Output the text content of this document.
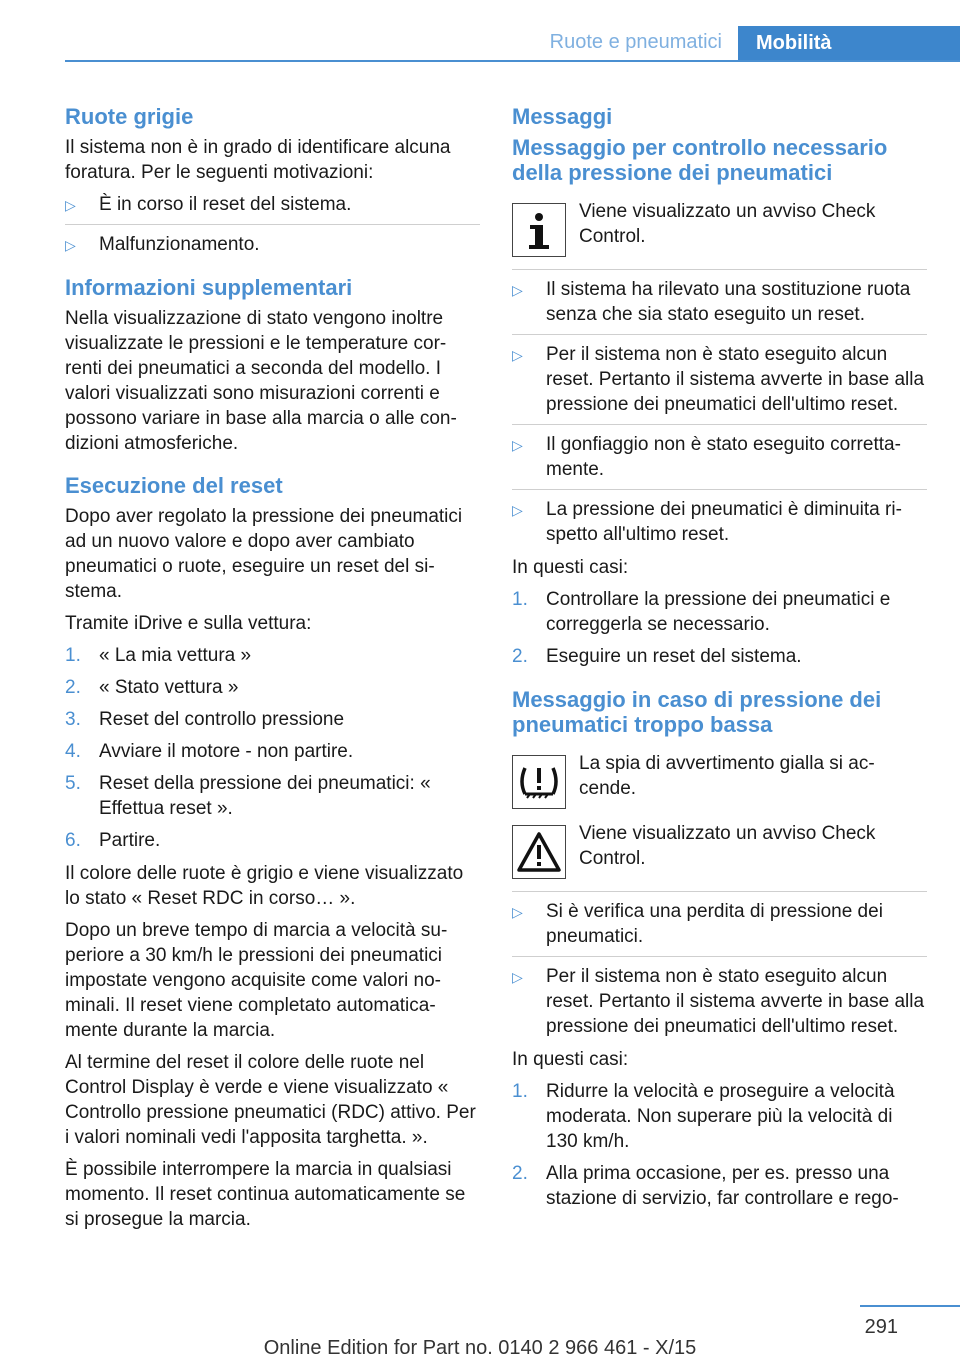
Ruote e pneumatici	Mobilità
Ruote grigie

Il sistema non è in grado di identificare alcuna foratura. Per le seguenti motivazioni:

▷ È in corso il reset del sistema.
▷ Malfunzionamento.
Informazioni supplementari

Nella visualizzazione di stato vengono inoltre visualizzate le pressioni e le temperature cor-renti dei pneumatici a seconda del modello. I valori visualizzati sono misurazioni correnti e possono variare in base alla marcia o alle con-dizioni atmosferiche.

Esecuzione del reset

Dopo aver regolato la pressione dei pneumatici ad un nuovo valore e dopo aver cambiato pneumatici o ruote, eseguire un reset del si-stema.

Tramite iDrive e sulla vettura:

1. « La mia vettura »
2. « Stato vettura »
3. Reset del controllo pressione
4. Avviare il motore - non partire.
5. Reset della pressione dei pneumatici: « Effettua reset ».
6. Partire.

Il colore delle ruote è grigio e viene visualizzato lo stato « Reset RDC in corso… ».

Dopo un breve tempo di marcia a velocità su-periore a 30 km/h le pressioni dei pneumatici impostate vengono acquisite come valori no-minali. Il reset viene completato automatica-mente durante la marcia.

Al termine del reset il colore delle ruote nel Control Display è verde e viene visualizzato « Controllo pressione pneumatici (RDC) attivo. Per i valori nominali vedi l'apposita targhetta. ».

È possibile interrompere la marcia in qualsiasi momento. Il reset continua automaticamente se si prosegue la marcia.

Messaggi
Messaggio per controllo necessario della pressione dei pneumatici

Viene visualizzato un avviso Check Control.

▷ Il sistema ha rilevato una sostituzione ruota senza che sia stato eseguito un reset.
▷ Per il sistema non è stato eseguito alcun reset. Pertanto il sistema avverte in base alla pressione dei pneumatici dell'ultimo reset.
▷ Il gonfiaggio non è stato eseguito corretta-mente.
▷ La pressione dei pneumatici è diminuita ri-spetto all'ultimo reset.

In questi casi:

1. Controllare la pressione dei pneumatici e correggerla se necessario.
2. Eseguire un reset del sistema.
Messaggio in caso di pressione dei pneumatici troppo bassa

La spia di avvertimento gialla si ac-cende.

Viene visualizzato un avviso Check Control.

▷ Si è verifica una perdita di pressione dei pneumatici.
▷ Per il sistema non è stato eseguito alcun reset. Pertanto il sistema avverte in base alla pressione dei pneumatici dell'ultimo reset.

In questi casi:

1. Ridurre la velocità e proseguire a velocità moderata. Non superare più la velocità di 130 km/h.
2. Alla prima occasione, per es. presso una stazione di servizio, far controllare e rego-
291
Online Edition for Part no. 0140 2 966 461 - X/15
